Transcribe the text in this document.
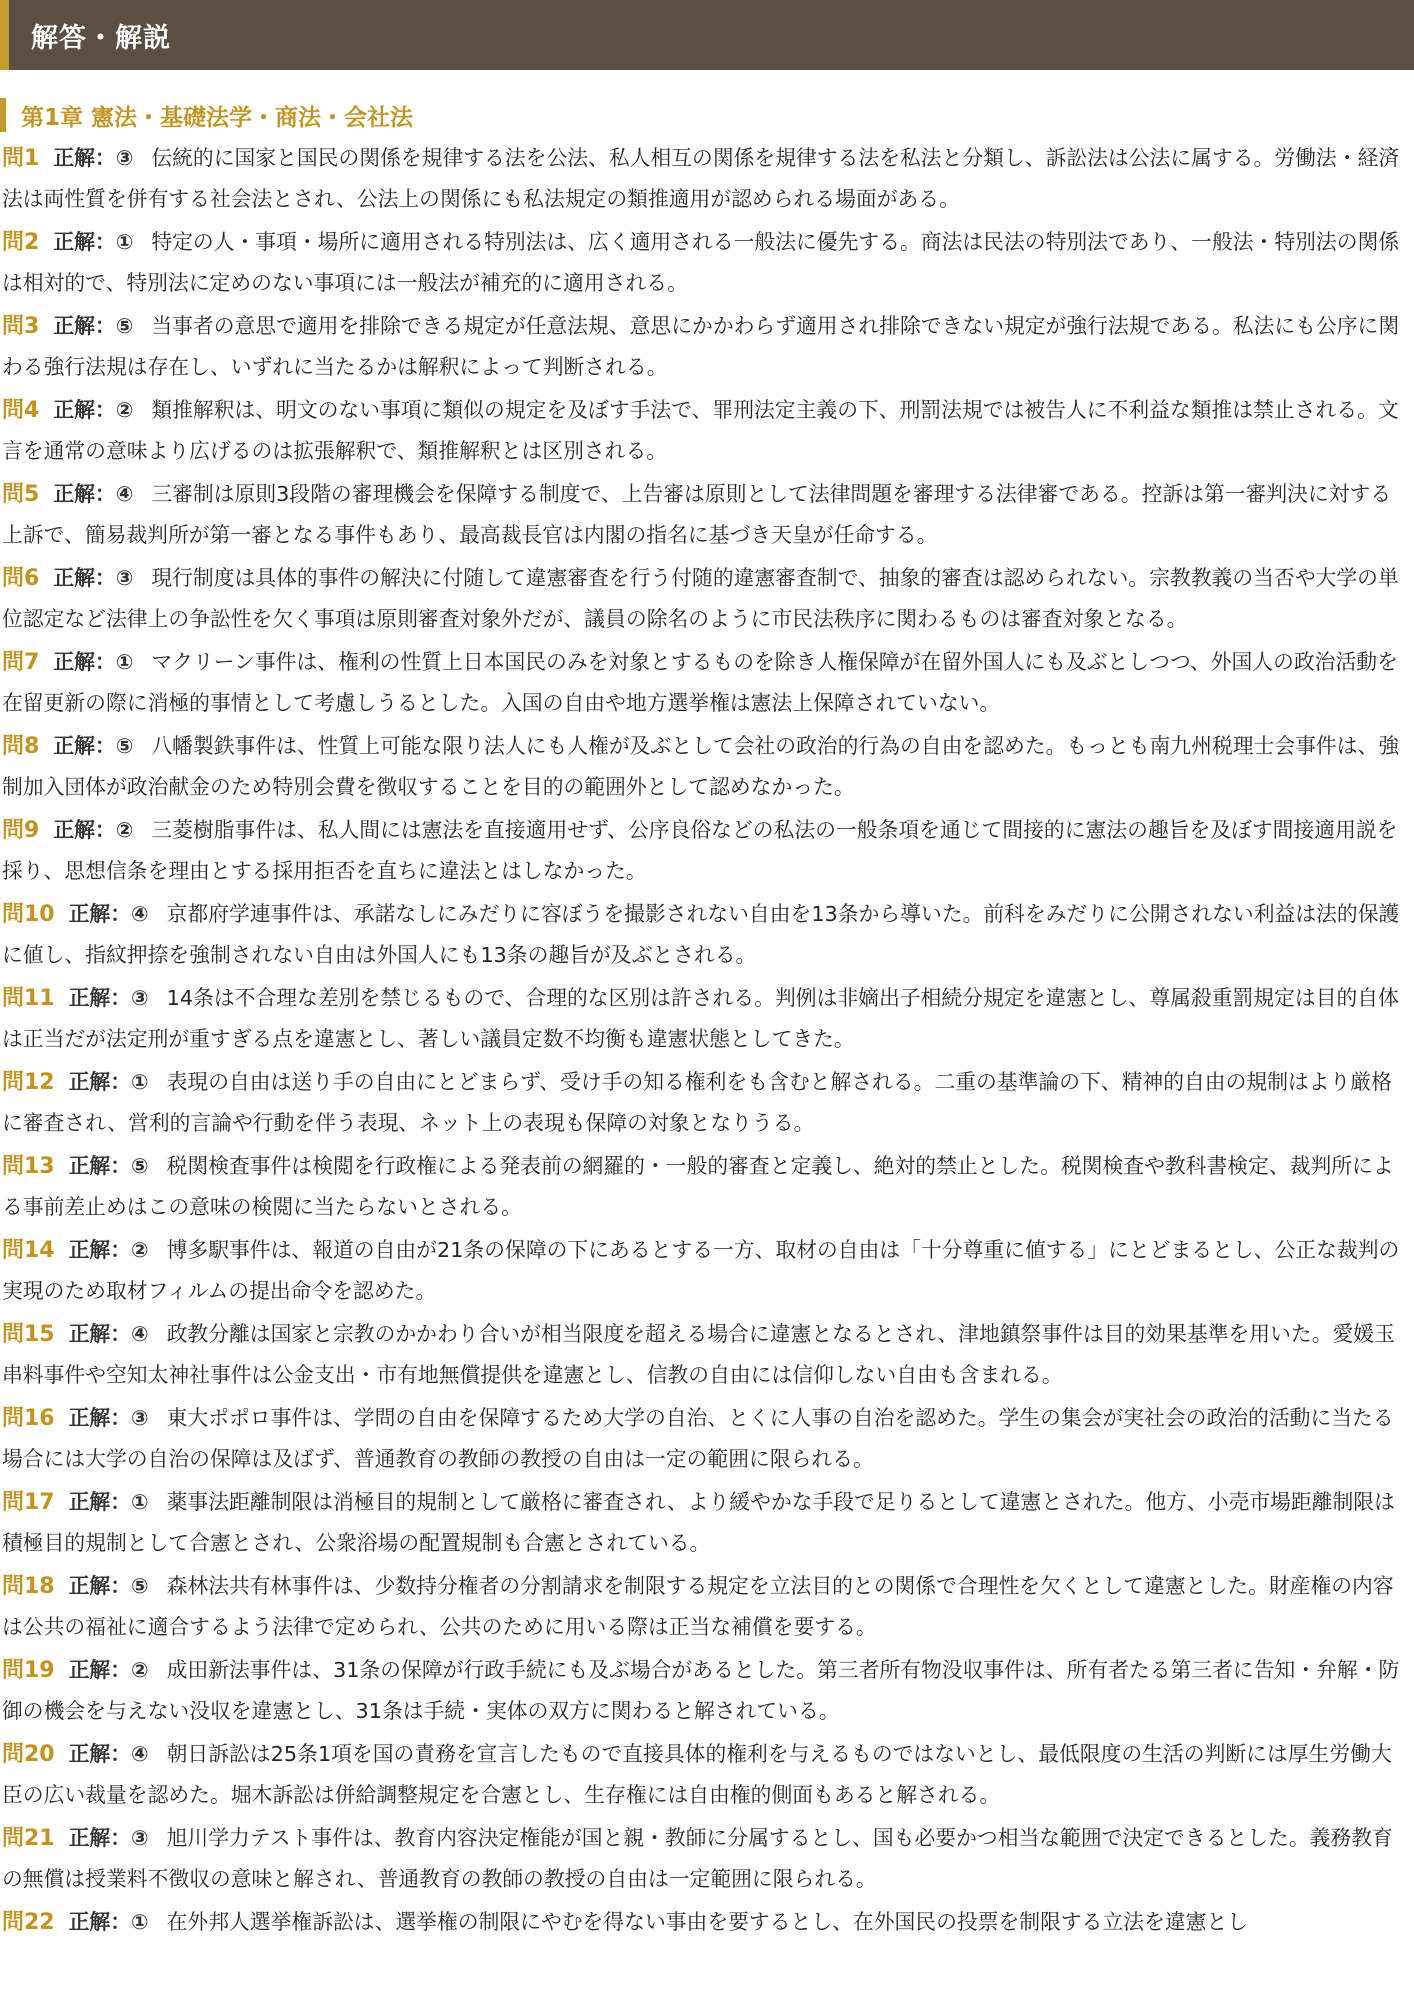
解答・解説
第1章 憲法・基礎法学・商法・会社法
問1 正解：③ 伝統的に国家と国民の関係を規律する法を公法、私人相互の関係を規律する法を私法と分類し、訴訟法は公法に属する。労働法・経済法は両性質を併有する社会法とされ、公法上の関係にも私法規定の類推適用が認められる場面がある。
問2 正解：① 特定の人・事項・場所に適用される特別法は、広く適用される一般法に優先する。商法は民法の特別法であり、一般法・特別法の関係は相対的で、特別法に定めのない事項には一般法が補充的に適用される。
問3 正解：⑤ 当事者の意思で適用を排除できる規定が任意法規、意思にかかわらず適用され排除できない規定が強行法規である。私法にも公序に関わる強行法規は存在し、いずれに当たるかは解釈によって判断される。
問4 正解：② 類推解釈は、明文のない事項に類似の規定を及ぼす手法で、罪刑法定主義の下、刑罰法規では被告人に不利益な類推は禁止される。文言を通常の意味より広げるのは拡張解釈で、類推解釈とは区別される。
問5 正解：④ 三審制は原則3段階の審理機会を保障する制度で、上告審は原則として法律問題を審理する法律審である。控訴は第一審判決に対する上訴で、簡易裁判所が第一審となる事件もあり、最高裁長官は内閣の指名に基づき天皇が任命する。
問6 正解：③ 現行制度は具体的事件の解決に付随して違憲審査を行う付随的違憲審査制で、抽象的審査は認められない。宗教教義の当否や大学の単位認定など法律上の争訟性を欠く事項は原則審査対象外だが、議員の除名のように市民法秩序に関わるものは審査対象となる。
問7 正解：① マクリーン事件は、権利の性質上日本国民のみを対象とするものを除き人権保障が在留外国人にも及ぶとしつつ、外国人の政治活動を在留更新の際に消極的事情として考慮しうるとした。入国の自由や地方選挙権は憲法上保障されていない。
問8 正解：⑤ 八幡製鉄事件は、性質上可能な限り法人にも人権が及ぶとして会社の政治的行為の自由を認めた。もっとも南九州税理士会事件は、強制加入団体が政治献金のため特別会費を徴収することを目的の範囲外として認めなかった。
問9 正解：② 三菱樹脂事件は、私人間には憲法を直接適用せず、公序良俗などの私法の一般条項を通じて間接的に憲法の趣旨を及ぼす間接適用説を採り、思想信条を理由とする採用拒否を直ちに違法とはしなかった。
問10 正解：④ 京都府学連事件は、承諾なしにみだりに容ぼうを撮影されない自由を13条から導いた。前科をみだりに公開されない利益は法的保護に値し、指紋押捺を強制されない自由は外国人にも13条の趣旨が及ぶとされる。
問11 正解：③ 14条は不合理な差別を禁じるもので、合理的な区別は許される。判例は非嫡出子相続分規定を違憲とし、尊属殺重罰規定は目的自体は正当だが法定刑が重すぎる点を違憲とし、著しい議員定数不均衡も違憲状態としてきた。
問12 正解：① 表現の自由は送り手の自由にとどまらず、受け手の知る権利をも含むと解される。二重の基準論の下、精神的自由の規制はより厳格に審査され、営利的言論や行動を伴う表現、ネット上の表現も保障の対象となりうる。
問13 正解：⑤ 税関検査事件は検閲を行政権による発表前の網羅的・一般的審査と定義し、絶対的禁止とした。税関検査や教科書検定、裁判所による事前差止めはこの意味の検閲に当たらないとされる。
問14 正解：② 博多駅事件は、報道の自由が21条の保障の下にあるとする一方、取材の自由は「十分尊重に値する」にとどまるとし、公正な裁判の実現のため取材フィルムの提出命令を認めた。
問15 正解：④ 政教分離は国家と宗教のかかわり合いが相当限度を超える場合に違憲となるとされ、津地鎮祭事件は目的効果基準を用いた。愛媛玉串料事件や空知太神社事件は公金支出・市有地無償提供を違憲とし、信教の自由には信仰しない自由も含まれる。
問16 正解：③ 東大ポポロ事件は、学問の自由を保障するため大学の自治、とくに人事の自治を認めた。学生の集会が実社会の政治的活動に当たる場合には大学の自治の保障は及ばず、普通教育の教師の教授の自由は一定の範囲に限られる。
問17 正解：① 薬事法距離制限は消極目的規制として厳格に審査され、より緩やかな手段で足りるとして違憲とされた。他方、小売市場距離制限は積極目的規制として合憲とされ、公衆浴場の配置規制も合憲とされている。
問18 正解：⑤ 森林法共有林事件は、少数持分権者の分割請求を制限する規定を立法目的との関係で合理性を欠くとして違憲とした。財産権の内容は公共の福祉に適合するよう法律で定められ、公共のために用いる際は正当な補償を要する。
問19 正解：② 成田新法事件は、31条の保障が行政手続にも及ぶ場合があるとした。第三者所有物没収事件は、所有者たる第三者に告知・弁解・防御の機会を与えない没収を違憲とし、31条は手続・実体の双方に関わると解されている。
問20 正解：④ 朝日訴訟は25条1項を国の責務を宣言したもので直接具体的権利を与えるものではないとし、最低限度の生活の判断には厚生労働大臣の広い裁量を認めた。堀木訴訟は併給調整規定を合憲とし、生存権には自由権的側面もあると解される。
問21 正解：③ 旭川学力テスト事件は、教育内容決定権能が国と親・教師に分属するとし、国も必要かつ相当な範囲で決定できるとした。義務教育の無償は授業料不徴収の意味と解され、普通教育の教師の教授の自由は一定範囲に限られる。
問22 正解：① 在外邦人選挙権訴訟は、選挙権の制限にやむを得ない事由を要するとし、在外国民の投票を制限する立法を違憲とし
